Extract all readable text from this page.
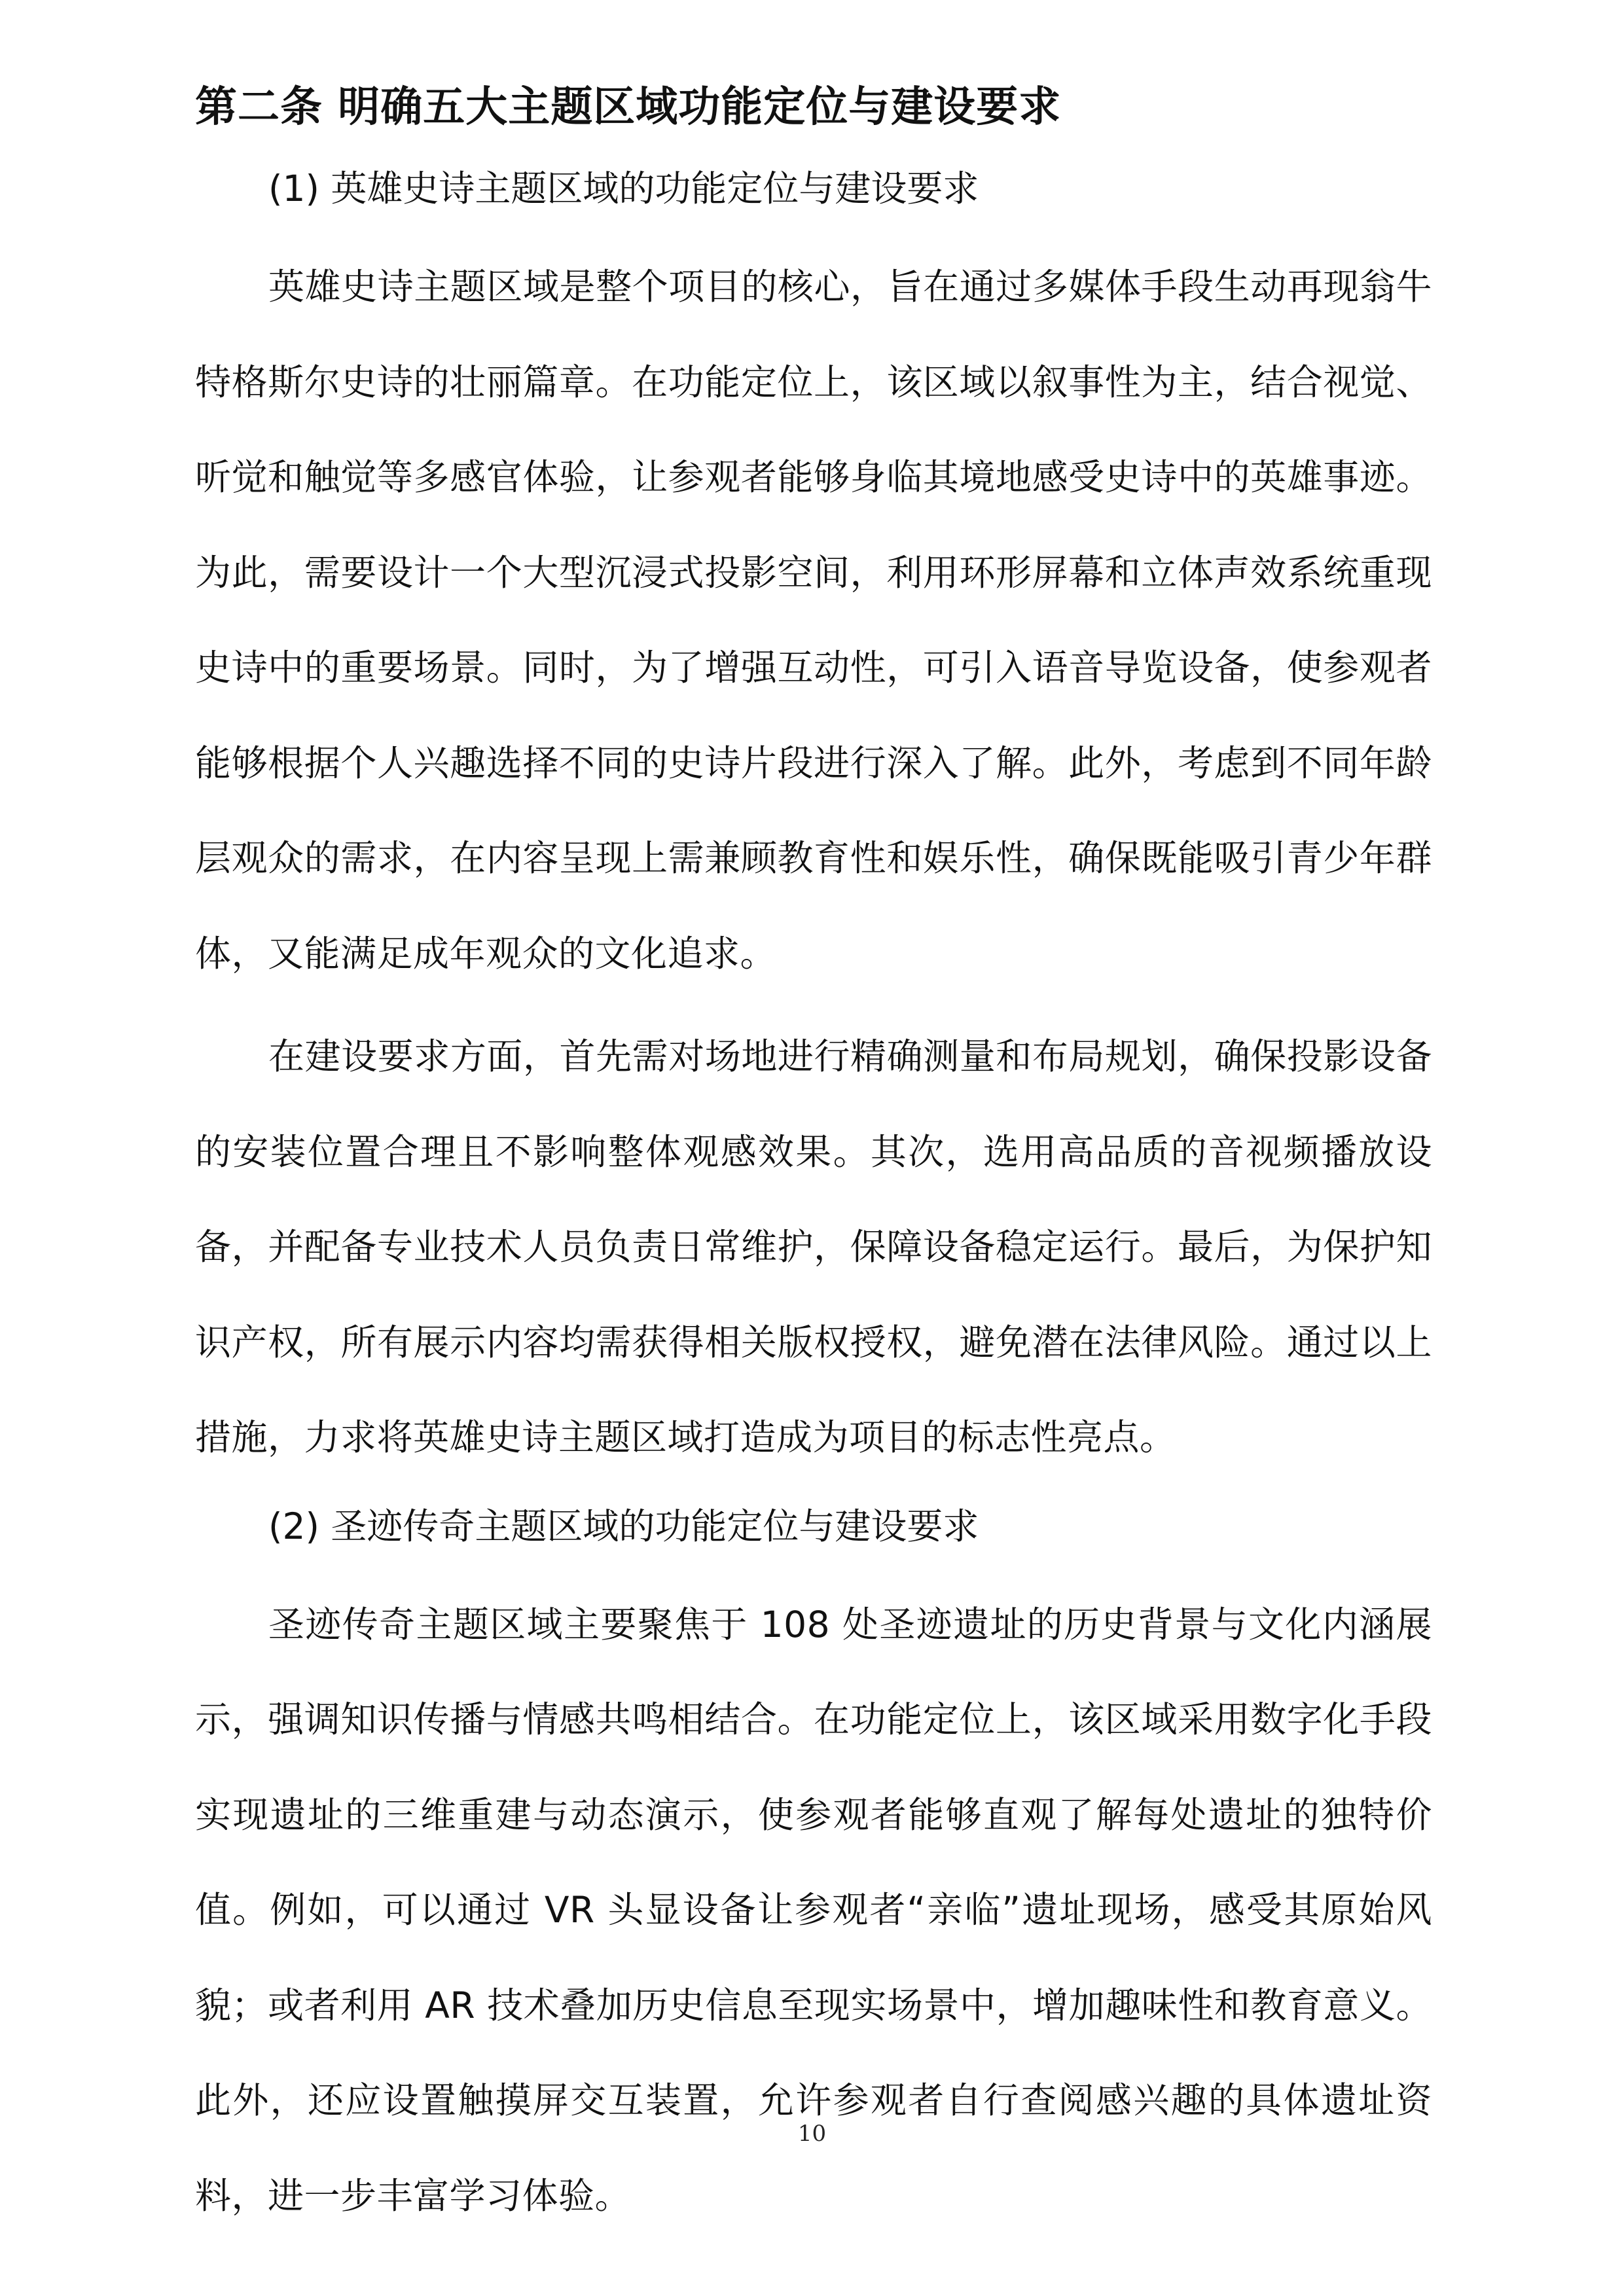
第二条 明确五大主题区域功能定位与建设要求

(1) 英雄史诗主题区域的功能定位与建设要求

英雄史诗主题区域是整个项目的核心，旨在通过多媒体手段生动再现翁牛特格斯尔史诗的壮丽篇章。在功能定位上，该区域以叙事性为主，结合视觉、听觉和触觉等多感官体验，让参观者能够身临其境地感受史诗中的英雄事迹。为此，需要设计一个大型沉浸式投影空间，利用环形屏幕和立体声效系统重现史诗中的重要场景。同时，为了增强互动性，可引入语音导览设备，使参观者能够根据个人兴趣选择不同的史诗片段进行深入了解。此外，考虑到不同年龄层观众的需求，在内容呈现上需兼顾教育性和娱乐性，确保既能吸引青少年群体，又能满足成年观众的文化追求。

在建设要求方面，首先需对场地进行精确测量和布局规划，确保投影设备的安装位置合理且不影响整体观感效果。其次，选用高品质的音视频播放设备，并配备专业技术人员负责日常维护，保障设备稳定运行。最后，为保护知识产权，所有展示内容均需获得相关版权授权，避免潜在法律风险。通过以上措施，力求将英雄史诗主题区域打造成为项目的标志性亮点。

(2) 圣迹传奇主题区域的功能定位与建设要求

圣迹传奇主题区域主要聚焦于 108 处圣迹遗址的历史背景与文化内涵展示，强调知识传播与情感共鸣相结合。在功能定位上，该区域采用数字化手段实现遗址的三维重建与动态演示，使参观者能够直观了解每处遗址的独特价值。例如，可以通过 VR 头显设备让参观者“亲临”遗址现场，感受其原始风貌；或者利用 AR 技术叠加历史信息至现实场景中，增加趣味性和教育意义。此外，还应设置触摸屏交互装置，允许参观者自行查阅感兴趣的具体遗址资料，进一步丰富学习体验。

10
